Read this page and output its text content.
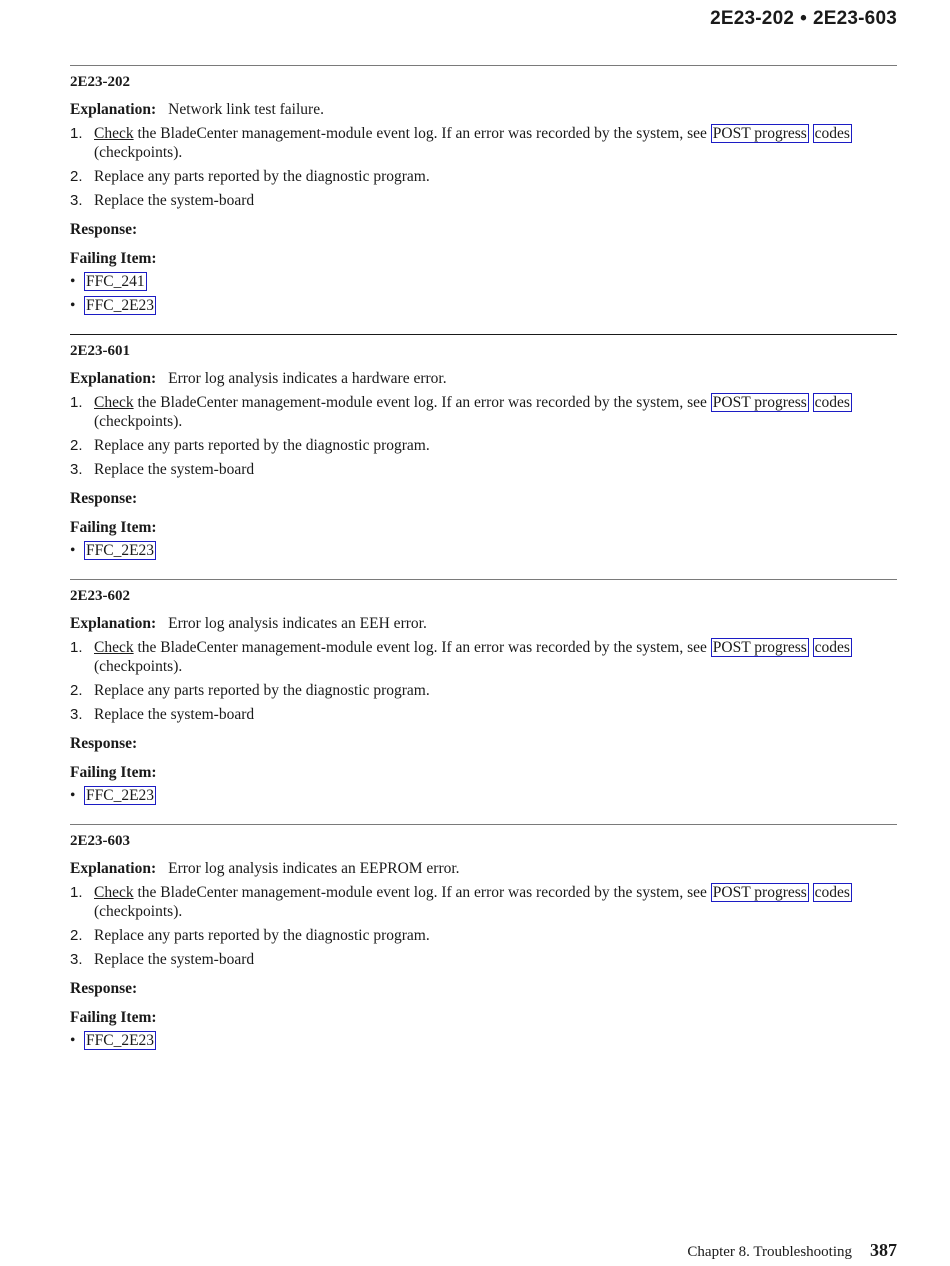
2E23-202 • 2E23-603
2E23-202
Explanation: Network link test failure.
1. Check the BladeCenter management-module event log. If an error was recorded by the system, see POST progress codes (checkpoints).
2. Replace any parts reported by the diagnostic program.
3. Replace the system-board
Response:
Failing Item:
• FFC_241
• FFC_2E23
2E23-601
Explanation: Error log analysis indicates a hardware error.
1. Check the BladeCenter management-module event log. If an error was recorded by the system, see POST progress codes (checkpoints).
2. Replace any parts reported by the diagnostic program.
3. Replace the system-board
Response:
Failing Item:
• FFC_2E23
2E23-602
Explanation: Error log analysis indicates an EEH error.
1. Check the BladeCenter management-module event log. If an error was recorded by the system, see POST progress codes (checkpoints).
2. Replace any parts reported by the diagnostic program.
3. Replace the system-board
Response:
Failing Item:
• FFC_2E23
2E23-603
Explanation: Error log analysis indicates an EEPROM error.
1. Check the BladeCenter management-module event log. If an error was recorded by the system, see POST progress codes (checkpoints).
2. Replace any parts reported by the diagnostic program.
3. Replace the system-board
Response:
Failing Item:
• FFC_2E23
Chapter 8. Troubleshooting 387
